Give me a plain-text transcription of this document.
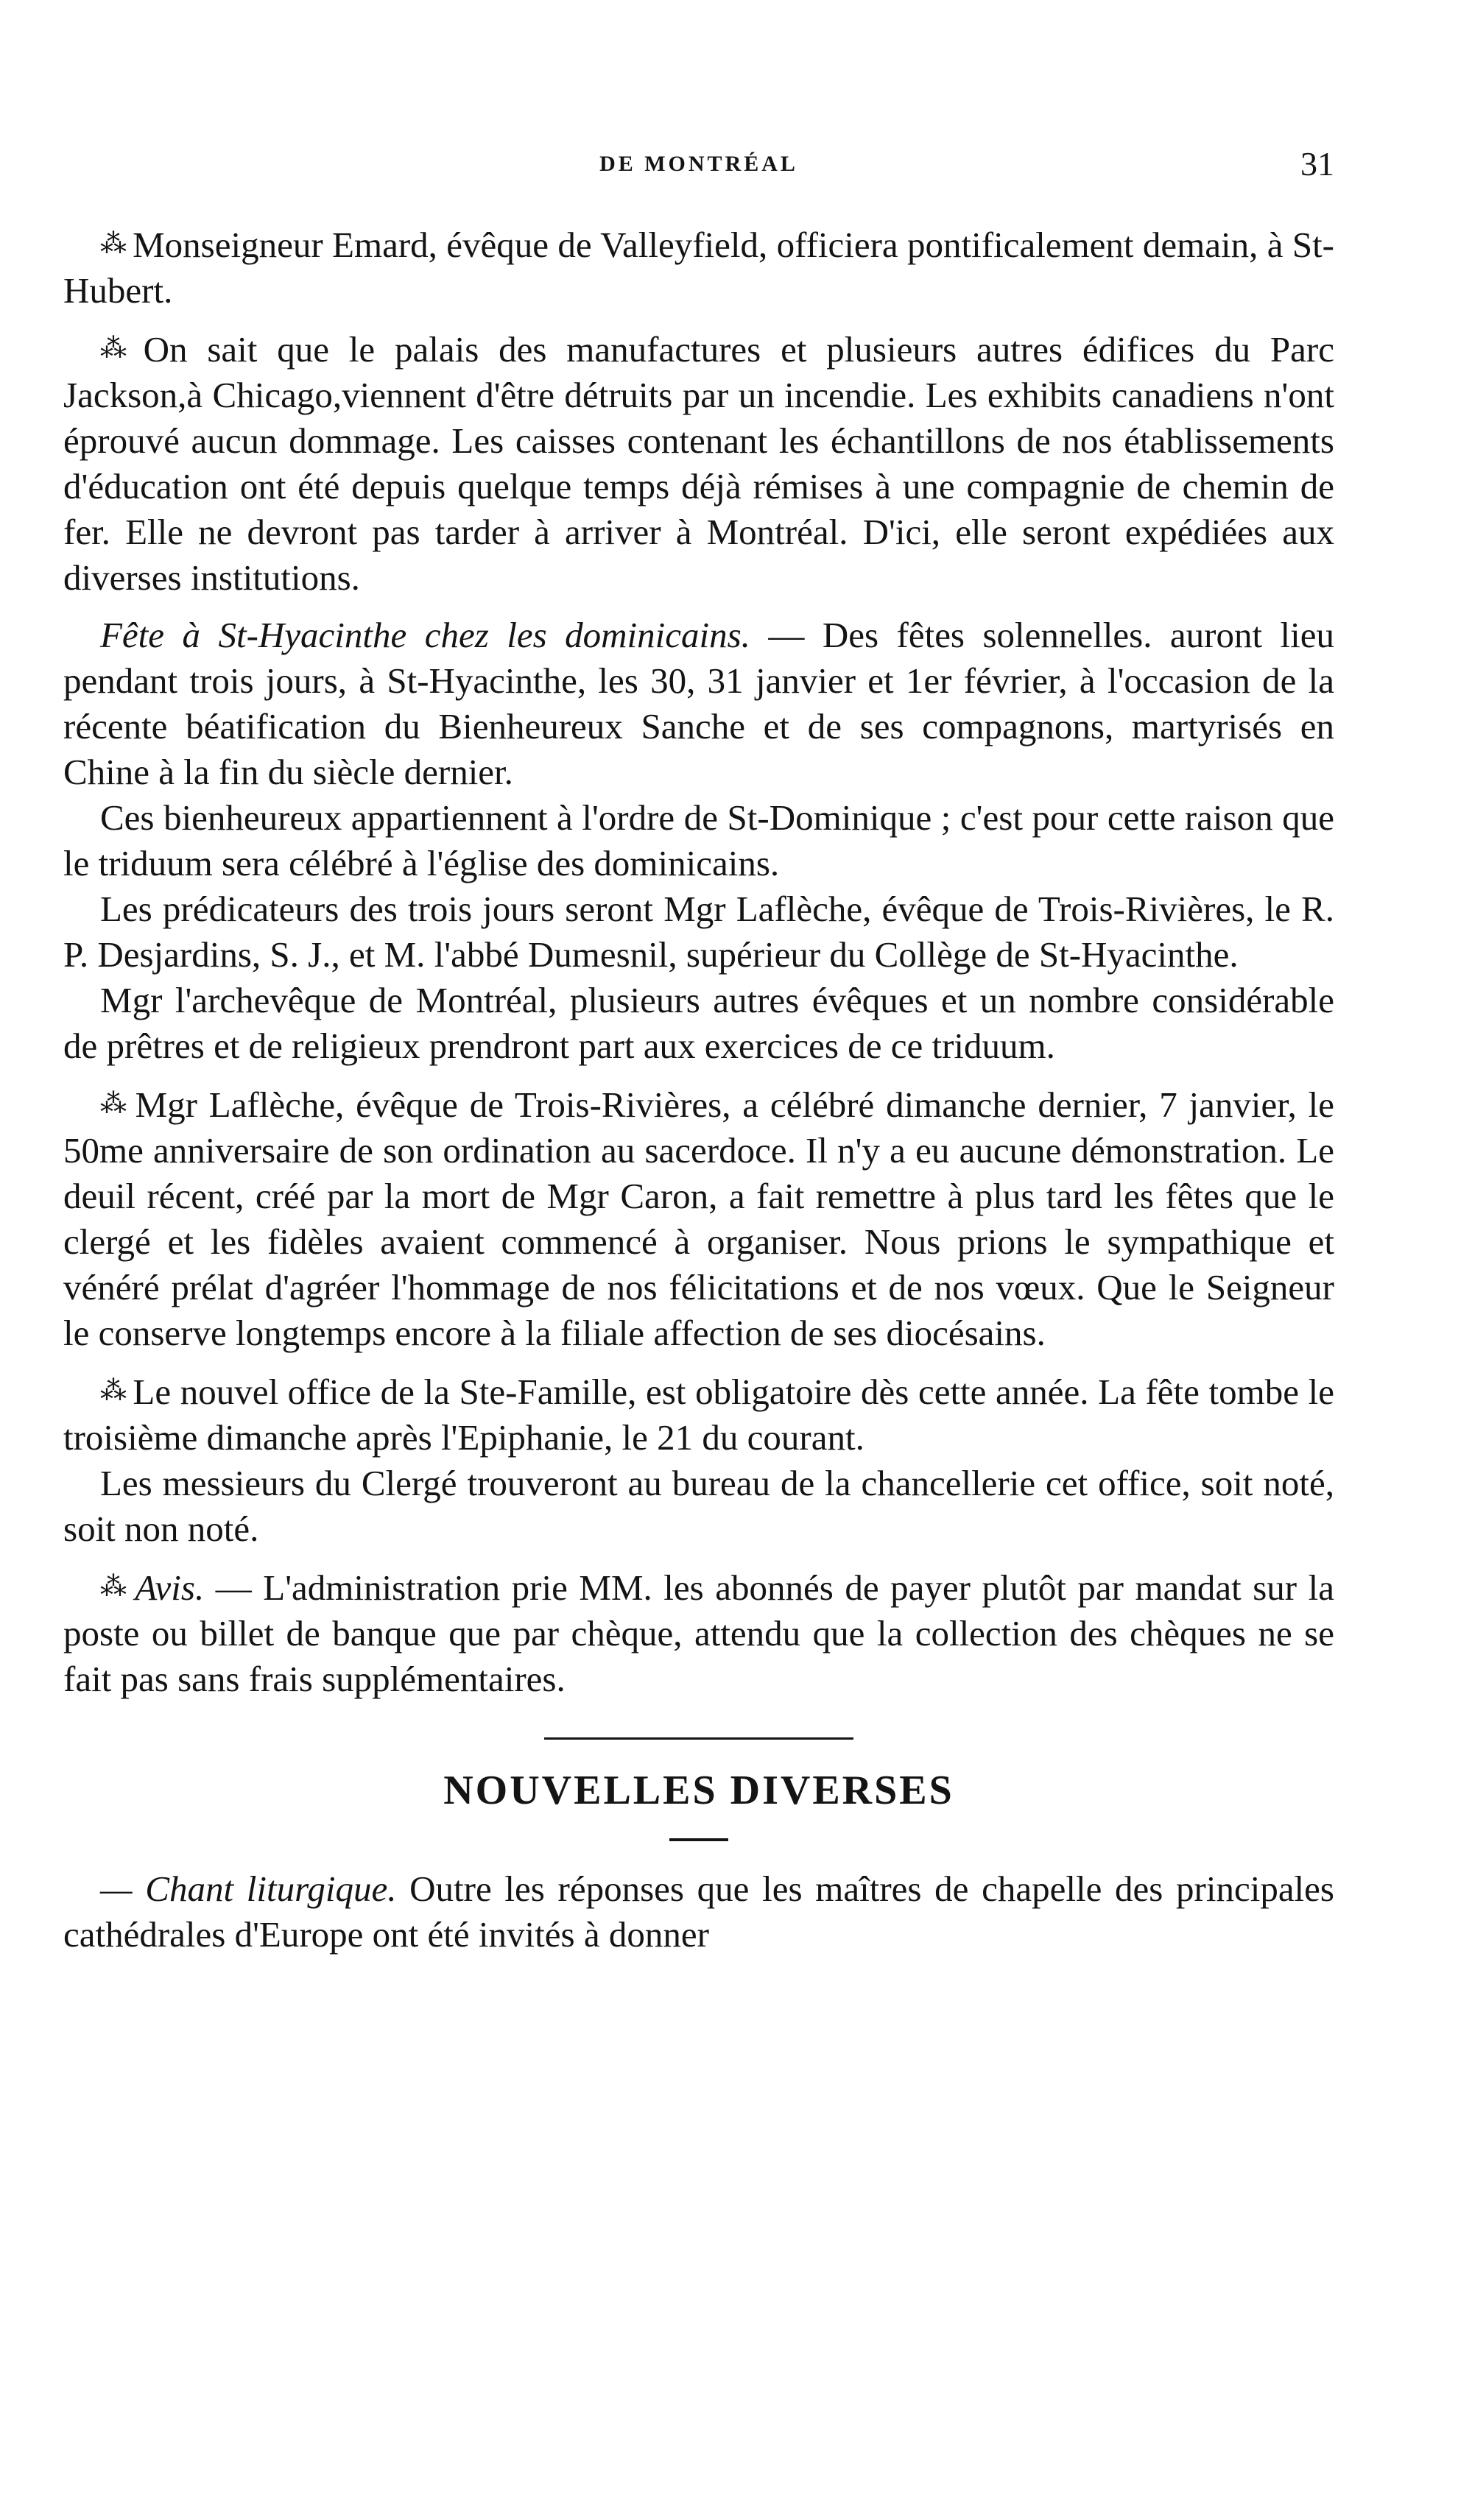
DE MONTRÉAL	31

⁂ Monseigneur Emard, évêque de Valleyfield, officiera pontificalement demain, à St-Hubert.

⁂ On sait que le palais des manufactures et plusieurs autres édifices du Parc Jackson,à Chicago,viennent d'être détruits par un incendie. Les exhibits canadiens n'ont éprouvé aucun dommage. Les caisses contenant les échantillons de nos établissements d'éducation ont été depuis quelque temps déjà rémises à une compagnie de chemin de fer. Elle ne devront pas tarder à arriver à Montréal. D'ici, elle seront expédiées aux diverses institutions.

Fête à St-Hyacinthe chez les dominicains. — Des fêtes solennelles. auront lieu pendant trois jours, à St-Hyacinthe, les 30, 31 janvier et 1er février, à l'occasion de la récente béatification du Bienheureux Sanche et de ses compagnons, martyrisés en Chine à la fin du siècle dernier.

Ces bienheureux appartiennent à l'ordre de St-Dominique ; c'est pour cette raison que le triduum sera célébré à l'église des dominicains.

Les prédicateurs des trois jours seront Mgr Laflèche, évêque de Trois-Rivières, le R. P. Desjardins, S. J., et M. l'abbé Dumesnil, supérieur du Collège de St-Hyacinthe.

Mgr l'archevêque de Montréal, plusieurs autres évêques et un nombre considérable de prêtres et de religieux prendront part aux exercices de ce triduum.

⁂ Mgr Laflèche, évêque de Trois-Rivières, a célébré dimanche dernier, 7 janvier, le 50me anniversaire de son ordination au sacerdoce. Il n'y a eu aucune démonstration. Le deuil récent, créé par la mort de Mgr Caron, a fait remettre à plus tard les fêtes que le clergé et les fidèles avaient commencé à organiser. Nous prions le sympathique et vénéré prélat d'agréer l'hommage de nos félicitations et de nos vœux. Que le Seigneur le conserve longtemps encore à la filiale affection de ses diocésains.

⁂ Le nouvel office de la Ste-Famille, est obligatoire dès cette année. La fête tombe le troisième dimanche après l'Epiphanie, le 21 du courant.

Les messieurs du Clergé trouveront au bureau de la chancellerie cet office, soit noté, soit non noté.

⁂ Avis. — L'administration prie MM. les abonnés de payer plutôt par mandat sur la poste ou billet de banque que par chèque, attendu que la collection des chèques ne se fait pas sans frais supplémentaires.

NOUVELLES DIVERSES

— Chant liturgique. Outre les réponses que les maîtres de chapelle des principales cathédrales d'Europe ont été invités à donner
